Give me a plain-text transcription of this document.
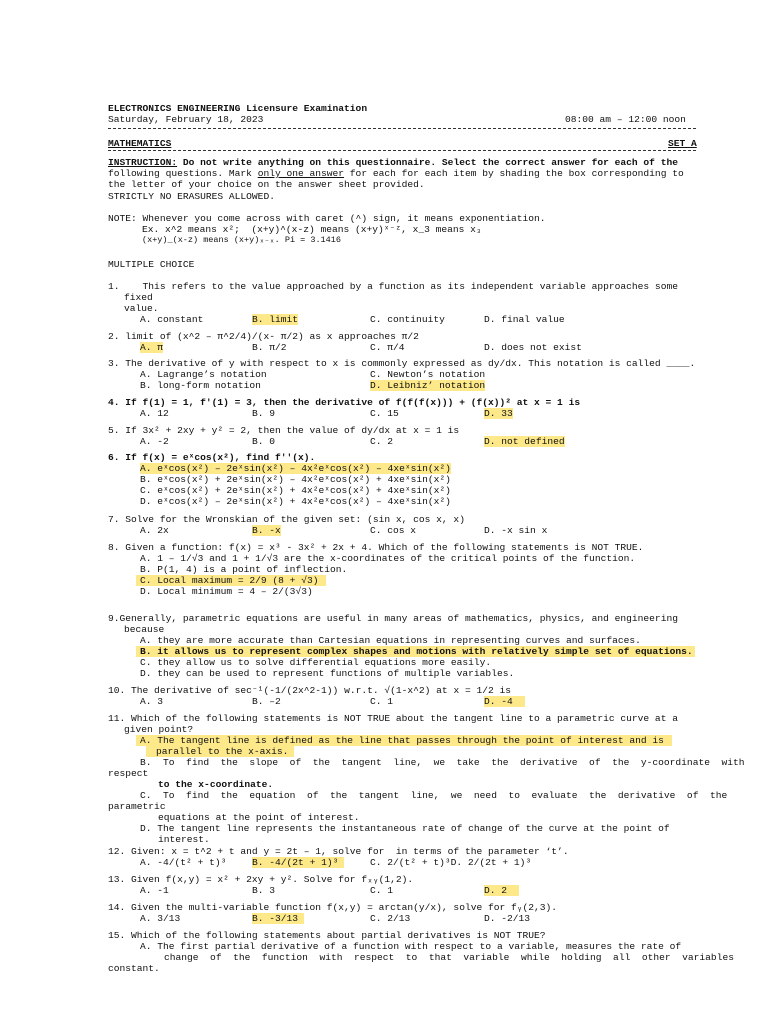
ELECTRONICS ENGINEERING Licensure Examination
Saturday, February 18, 2023	08:00 am – 12:00 noon
MATHEMATICS	SET A
INSTRUCTION: Do not write anything on this questionnaire. Select the correct answer for each of the
following questions. Mark only one answer for each for each item by shading the box corresponding to
the letter of your choice on the answer sheet provided.
STRICTLY NO ERASURES ALLOWED.
NOTE: Whenever you come across with caret (^) sign, it means exponentiation.
Ex. x^2 means x²;  (x+y)^(x-z) means (x+y)ˣ⁻ᶻ, x_3 means x₃
(x+y)_(x-z) means (x+y)ₓ₋ₓ. Pi = 3.1416
MULTIPLE CHOICE
1.    This refers to the value approached by a function as its independent variable approaches some
fixed
value.
A. constant	B. limit	C. continuity	D. final value
2. limit of (x^2 – π^2/4)/(x- π/2) as x approaches π/2
A. π	B. π/2	C. π/4	D. does not exist
3. The derivative of y with respect to x is commonly expressed as dy/dx. This notation is called ____.
A. Lagrange’s notation	C. Newton’s notation
B. long-form notation	D. Leibniz’ notation
4. If f(1) = 1, f′(1) = 3, then the derivative of f(f(f(x))) + (f(x))² at x = 1 is
A. 12	B. 9	C. 15	D. 33
5. If 3x² + 2xy + y² = 2, then the value of dy/dx at x = 1 is
A. -2	B. 0	C. 2	D. not defined
6. If f(x) = eˣcos(x²), find f′′(x).
A. eˣcos(x²) – 2eˣsin(x²) – 4x²eˣcos(x²) – 4xeˣsin(x²)
B. eˣcos(x²) + 2eˣsin(x²) – 4x²eˣcos(x²) + 4xeˣsin(x²)
C. eˣcos(x²) + 2eˣsin(x²) + 4x²eˣcos(x²) + 4xeˣsin(x²)
D. eˣcos(x²) – 2eˣsin(x²) + 4x²eˣcos(x²) – 4xeˣsin(x²)
7. Solve for the Wronskian of the given set: (sin x, cos x, x)
A. 2x	B. -x	C. cos x	D. -x sin x
8. Given a function: f(x) = x³ - 3x² + 2x + 4. Which of the following statements is NOT TRUE.
A. 1 – 1/√3 and 1 + 1/√3 are the x-coordinates of the critical points of the function.
B. P(1, 4) is a point of inflection.
C. Local maximum = 2/9 (8 + √3)
D. Local minimum = 4 – 2/(3√3)
9.Generally, parametric equations are useful in many areas of mathematics, physics, and engineering
because
A. they are more accurate than Cartesian equations in representing curves and surfaces.
B. it allows us to represent complex shapes and motions with relatively simple set of equations.
C. they allow us to solve differential equations more easily.
D. they can be used to represent functions of multiple variables.
10. The derivative of sec⁻¹(-1/(2x^2-1)) w.r.t. √(1-x^2) at x = 1/2 is
A. 3	B. –2	C. 1	D. -4
11. Which of the following statements is NOT TRUE about the tangent line to a parametric curve at a
given point?
A. The tangent line is defined as the line that passes through the point of interest and is
parallel to the x-axis.
B.  To  find  the  slope  of  the  tangent  line,  we  take  the  derivative  of  the  y-coordinate  with
respect
to the x-coordinate.
C.  To  find  the  equation  of  the  tangent  line,  we  need  to  evaluate  the  derivative  of  the
parametric
equations at the point of interest.
D. The tangent line represents the instantaneous rate of change of the curve at the point of
interest.
12. Given: x = t^2 + t and y = 2t – 1, solve for  in terms of the parameter ‘t’.
A. -4/(t² + t)³	B. -4/(2t + 1)³	C. 2/(t² + t)³D. 2/(2t + 1)³
13. Given f(x,y) = x² + 2xy + y². Solve for fₓᵧ(1,2).
A. -1	B. 3	C. 1	D. 2
14. Given the multi-variable function f(x,y) = arctan(y/x), solve for fᵧ(2,3).
A. 3/13	B. -3/13	C. 2/13	D. -2/13
15. Which of the following statements about partial derivatives is NOT TRUE?
A. The first partial derivative of a function with respect to a variable, measures the rate of
change  of  the  function  with  respect  to  that  variable  while  holding  all  other  variables
constant.
